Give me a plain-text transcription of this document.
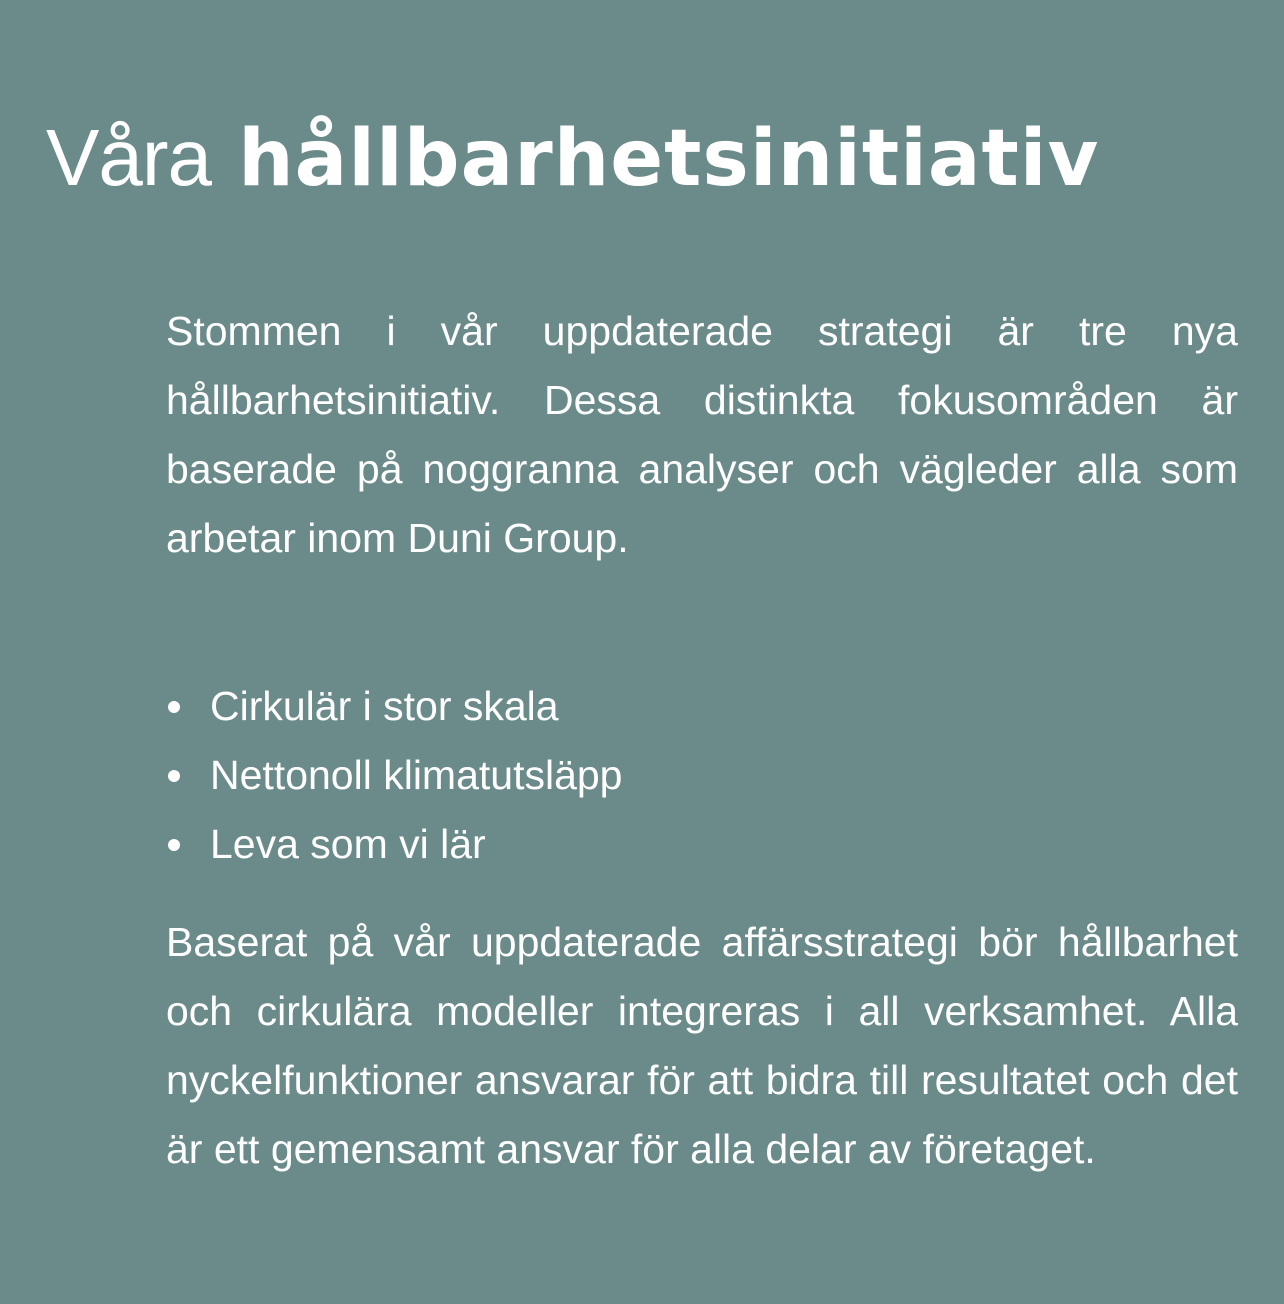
Våra hållbarhetsinitiativ

Stommen i vår uppdaterade strategi är tre nya hållbarhetsinitiativ. Dessa distinkta fokusområden är baserade på noggranna analyser och vägleder alla som arbetar inom Duni Group.

Cirkulär i stor skala
Nettonoll klimatutsläpp
Leva som vi lär

Baserat på vår uppdaterade affärsstrategi bör hållbarhet och cirkulära modeller integreras i all verksamhet. Alla nyckelfunktioner ansvarar för att bidra till resultatet och det är ett gemensamt ansvar för alla delar av företaget.
